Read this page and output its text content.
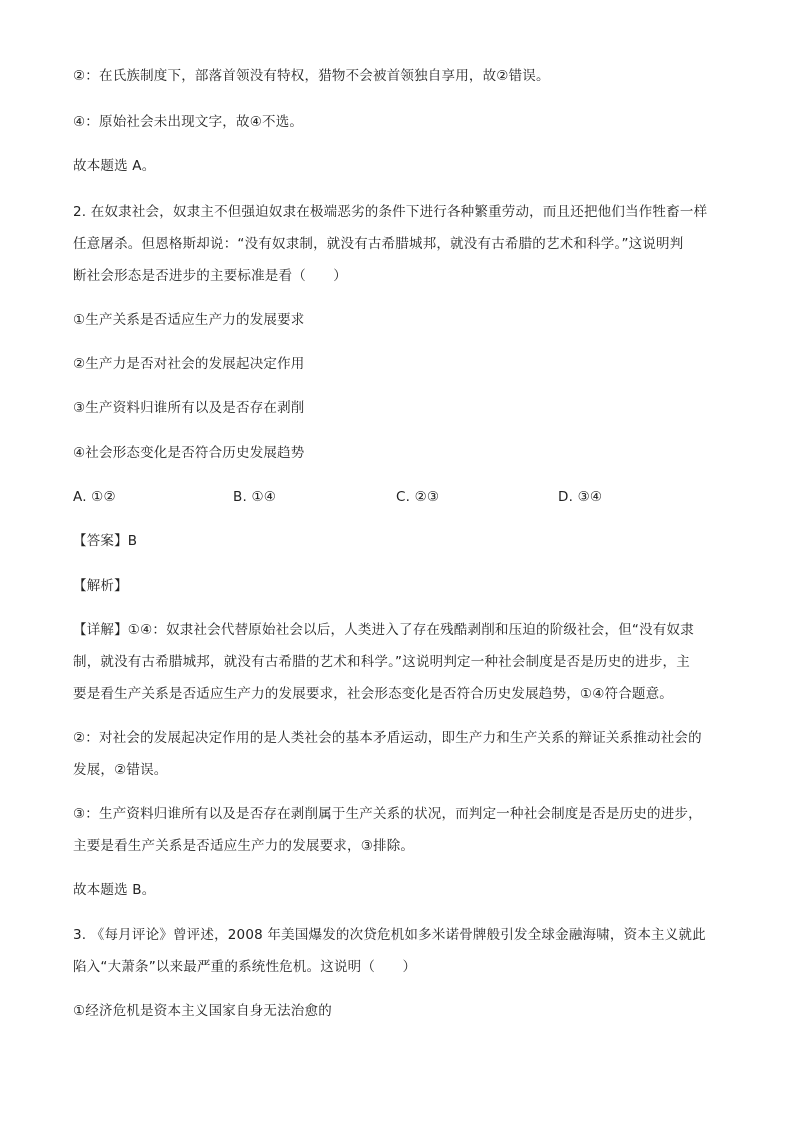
②：在氏族制度下，部落首领没有特权，猎物不会被首领独自享用，故②错误。
④：原始社会未出现文字，故④不选。
故本题选 A。
2. 在奴隶社会，奴隶主不但强迫奴隶在极端恶劣的条件下进行各种繁重劳动，而且还把他们当作牲畜一样
任意屠杀。但恩格斯却说：“没有奴隶制，就没有古希腊城邦，就没有古希腊的艺术和科学。”这说明判
断社会形态是否进步的主要标准是看（　　）
①生产关系是否适应生产力的发展要求
②生产力是否对社会的发展起决定作用
③生产资料归谁所有以及是否存在剥削
④社会形态变化是否符合历史发展趋势
A. ①②	B. ①④	C. ②③	D. ③④
【答案】B
【解析】
【详解】①④：奴隶社会代替原始社会以后，人类进入了存在残酷剥削和压迫的阶级社会，但“没有奴隶
制，就没有古希腊城邦，就没有古希腊的艺术和科学。”这说明判定一种社会制度是否是历史的进步，主
要是看生产关系是否适应生产力的发展要求，社会形态变化是否符合历史发展趋势，①④符合题意。
②：对社会的发展起决定作用的是人类社会的基本矛盾运动，即生产力和生产关系的辩证关系推动社会的
发展，②错误。
③：生产资料归谁所有以及是否存在剥削属于生产关系的状况，而判定一种社会制度是否是历史的进步，
主要是看生产关系是否适应生产力的发展要求，③排除。
故本题选 B。
3. 《每月评论》曾评述，2008 年美国爆发的次贷危机如多米诺骨牌般引发全球金融海啸，资本主义就此
陷入“大萧条”以来最严重的系统性危机。这说明（　　）
①经济危机是资本主义国家自身无法治愈的
